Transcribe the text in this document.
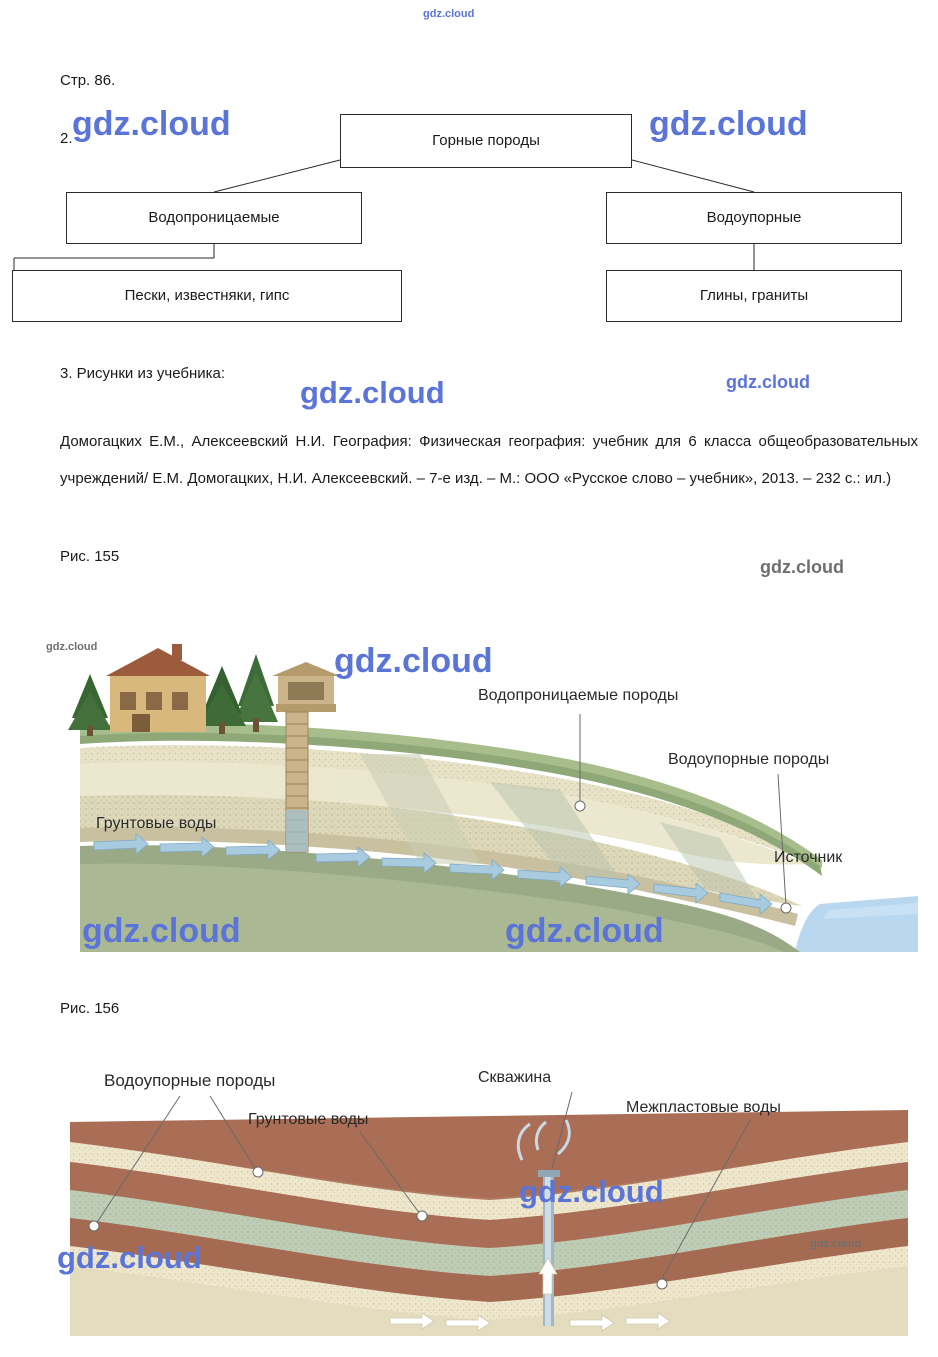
Стр. 86.
2.	Горные породы
Водопроницаемые	Водоупорные
Пески, известняки, гипс	Глины, граниты
3. Рисунки из учебника:
Домогацких Е.М., Алексеевский Н.И. География: Физическая география: учебник для 6 класса общеобразовательных учреждений/ Е.М. Домогацких, Н.И. Алексеевский. – 7-е изд. – М.: ООО «Русское слово – учебник», 2013. – 232 с.: ил.)
Рис. 155
Рис. 156
Водопроницаемые породы
Водоупорные породы
Источник
Грунтовые воды
Водоупорные породы
Грунтовые воды
Скважина
Межпластовые воды
gdz.cloud
gdz.cloud	gdz.cloud
gdz.cloud	gdz.cloud
gdz.cloud
gdz.cloud	gdz.cloud
gdz.cloud	gdz.cloud
gdz.cloud
gdz.cloud	gdz.cloud
